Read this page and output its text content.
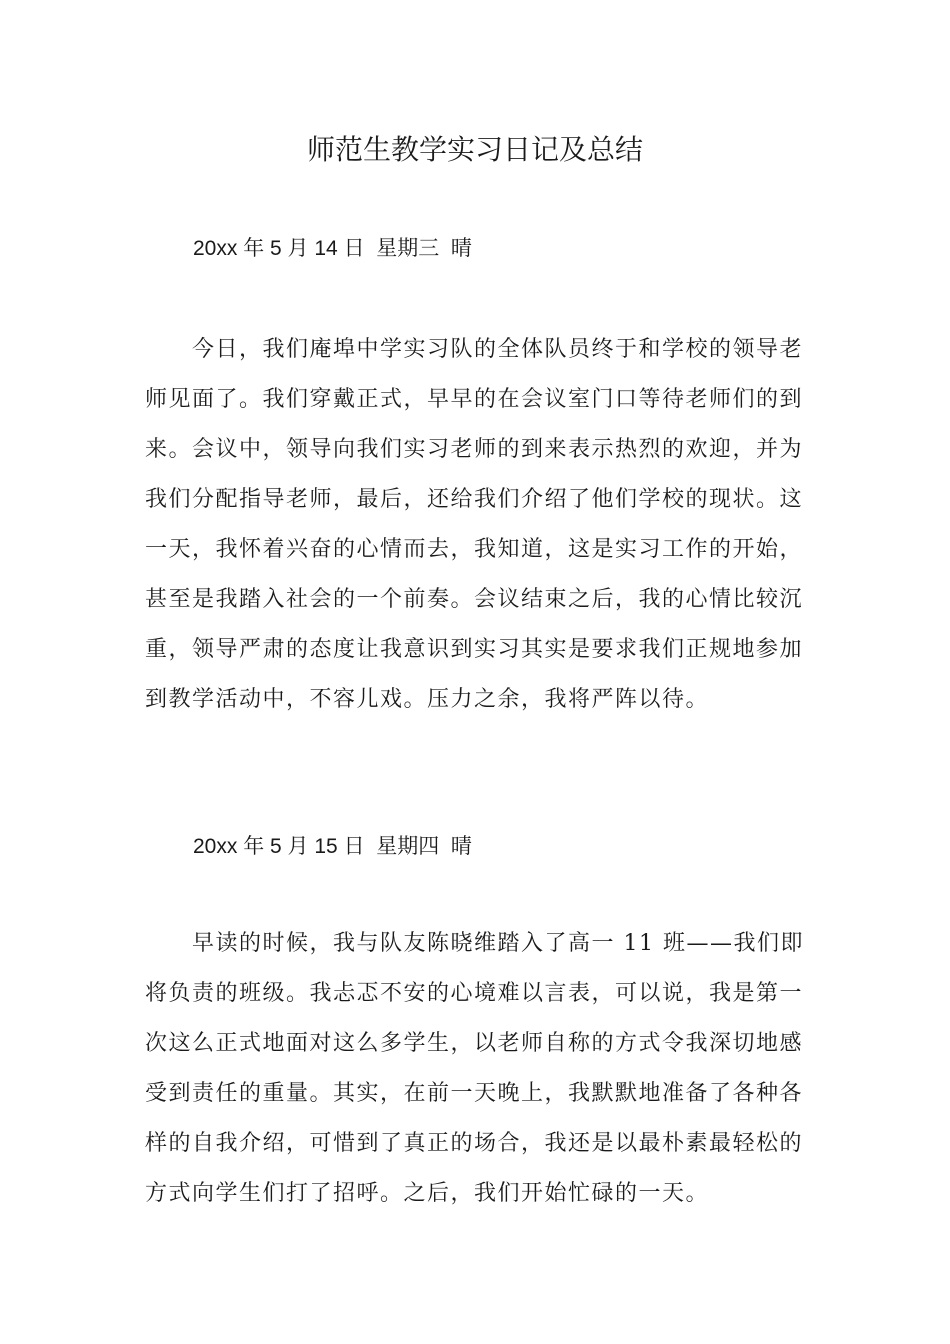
师范生教学实习日记及总结
20xx 年 5 月 14 日  星期三  晴

今日，我们庵埠中学实习队的全体队员终于和学校的领导老师见面了。我们穿戴正式，早早的在会议室门口等待老师们的到来。会议中，领导向我们实习老师的到来表示热烈的欢迎，并为我们分配指导老师，最后，还给我们介绍了他们学校的现状。这一天，我怀着兴奋的心情而去，我知道，这是实习工作的开始，甚至是我踏入社会的一个前奏。会议结束之后，我的心情比较沉重，领导严肃的态度让我意识到实习其实是要求我们正规地参加到教学活动中，不容儿戏。压力之余，我将严阵以待。

20xx 年 5 月 15 日  星期四  晴

早读的时候，我与队友陈晓维踏入了高一 11 班——我们即将负责的班级。我忐忑不安的心境难以言表，可以说，我是第一次这么正式地面对这么多学生，以老师自称的方式令我深切地感受到责任的重量。其实，在前一天晚上，我默默地准备了各种各样的自我介绍，可惜到了真正的场合，我还是以最朴素最轻松的方式向学生们打了招呼。之后，我们开始忙碌的一天。
